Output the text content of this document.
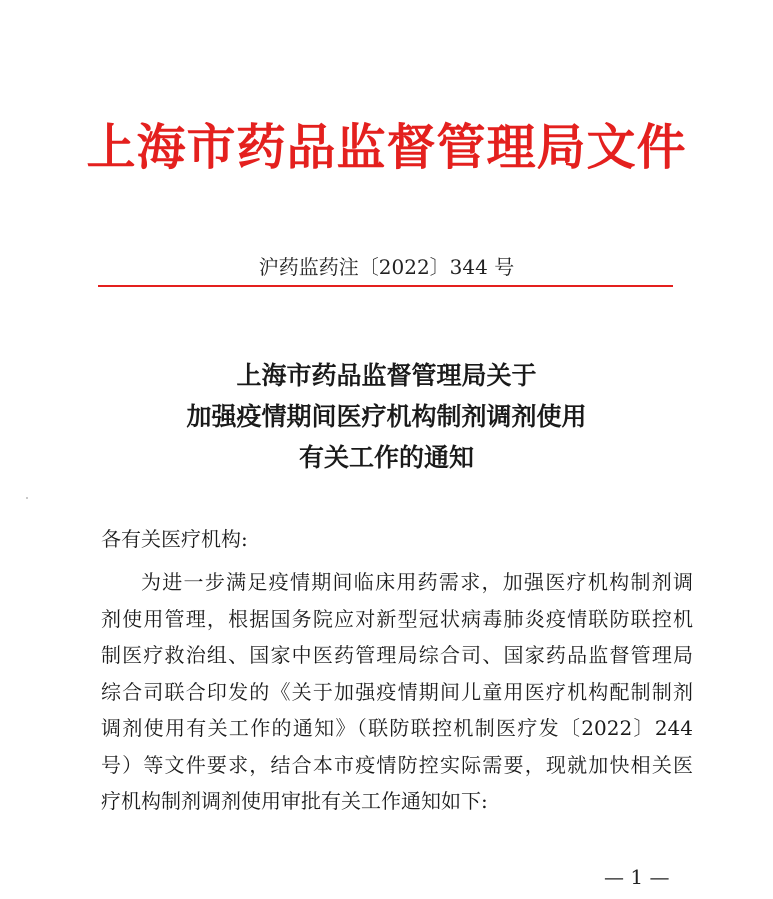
上海市药品监督管理局文件
沪药监药注〔2022〕344 号
上海市药品监督管理局关于
加强疫情期间医疗机构制剂调剂使用
有关工作的通知
各有关医疗机构:
为进一步满足疫情期间临床用药需求，加强医疗机构制剂调
剂使用管理，根据国务院应对新型冠状病毒肺炎疫情联防联控机
制医疗救治组、国家中医药管理局综合司、国家药品监督管理局
综合司联合印发的《关于加强疫情期间儿童用医疗机构配制制剂
调剂使用有关工作的通知》（联防联控机制医疗发〔2022〕244
号）等文件要求，结合本市疫情防控实际需要，现就加快相关医
疗机构制剂调剂使用审批有关工作通知如下:
— 1 —
